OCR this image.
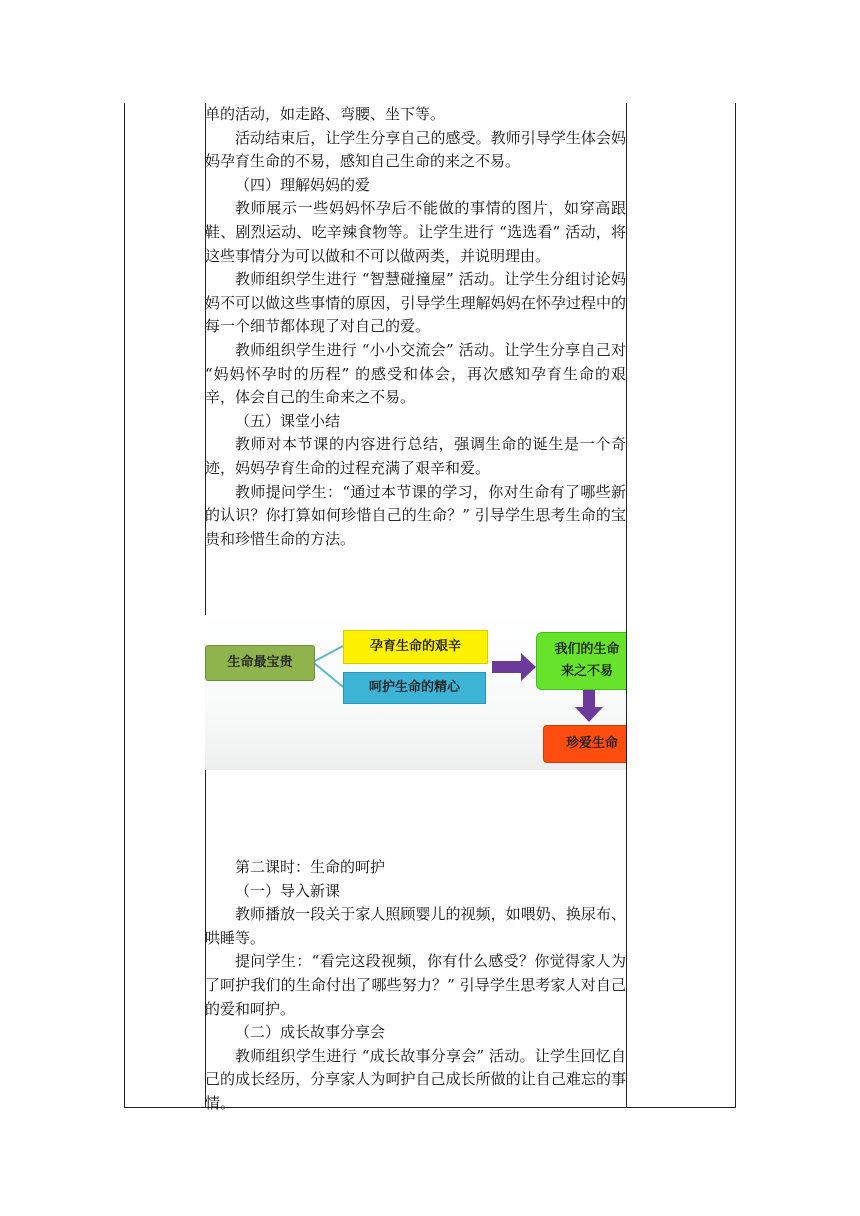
单的活动，如走路、弯腰、坐下等。

活动结束后，让学生分享自己的感受。教师引导学生体会妈妈孕育生命的不易，感知自己生命的来之不易。

（四）理解妈妈的爱

教师展示一些妈妈怀孕后不能做的事情的图片，如穿高跟鞋、剧烈运动、吃辛辣食物等。让学生进行 “选选看” 活动，将这些事情分为可以做和不可以做两类，并说明理由。

教师组织学生进行 “智慧碰撞屋” 活动。让学生分组讨论妈妈不可以做这些事情的原因，引导学生理解妈妈在怀孕过程中的每一个细节都体现了对自己的爱。

教师组织学生进行 “小小交流会” 活动。让学生分享自己对 “妈妈怀孕时的历程” 的感受和体会，再次感知孕育生命的艰辛，体会自己的生命来之不易。

（五）课堂小结

教师对本节课的内容进行总结，强调生命的诞生是一个奇迹，妈妈孕育生命的过程充满了艰辛和爱。

教师提问学生：“通过本节课的学习，你对生命有了哪些新的认识？你打算如何珍惜自己的生命？” 引导学生思考生命的宝贵和珍惜生命的方法。

生命最宝贵
孕育生命的艰辛
呵护生命的精心
我们的生命
来之不易
珍爱生命

第二课时：生命的呵护

（一）导入新课

教师播放一段关于家人照顾婴儿的视频，如喂奶、换尿布、哄睡等。

提问学生：“看完这段视频，你有什么感受？你觉得家人为了呵护我们的生命付出了哪些努力？” 引导学生思考家人对自己的爱和呵护。

（二）成长故事分享会

教师组织学生进行 “成长故事分享会” 活动。让学生回忆自己的成长经历，分享家人为呵护自己成长所做的让自己难忘的事情。
